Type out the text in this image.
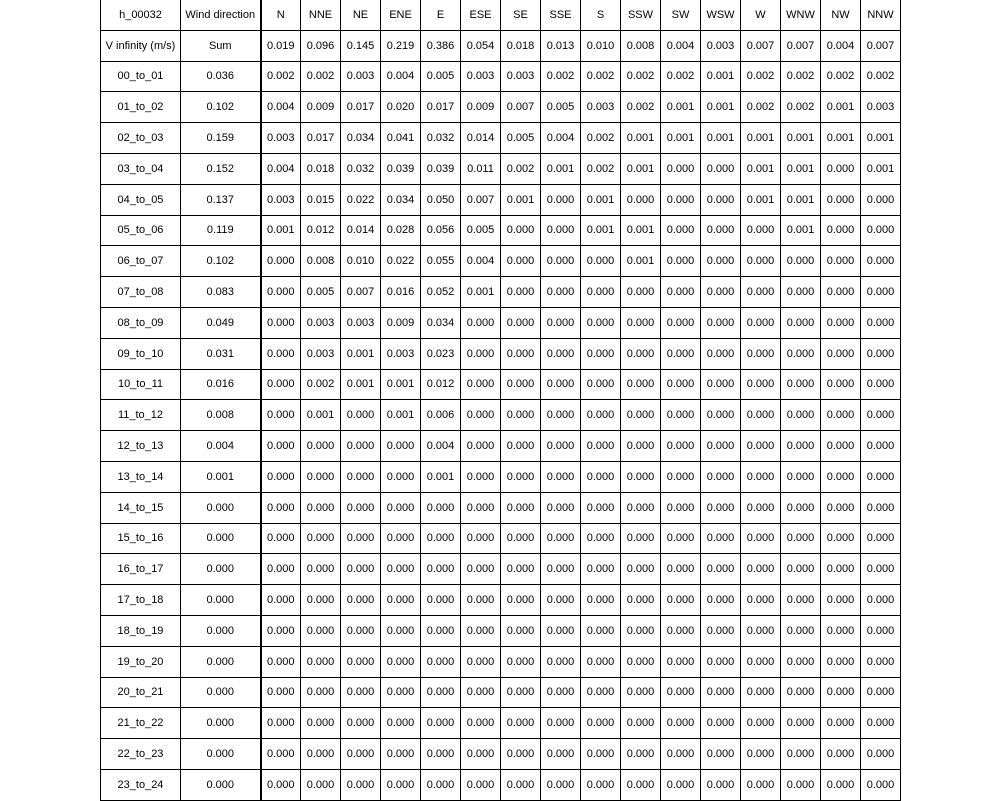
h_00032	Wind direction	N	NNE	NE	ENE	E	ESE	SE	SSE	S	SSW	SW	WSW	W	WNW	NW	NNW
V infinity (m/s)	Sum	0.019	0.096	0.145	0.219	0.386	0.054	0.018	0.013	0.010	0.008	0.004	0.003	0.007	0.007	0.004	0.007
00_to_01	0.036	0.002	0.002	0.003	0.004	0.005	0.003	0.003	0.002	0.002	0.002	0.002	0.001	0.002	0.002	0.002	0.002
01_to_02	0.102	0.004	0.009	0.017	0.020	0.017	0.009	0.007	0.005	0.003	0.002	0.001	0.001	0.002	0.002	0.001	0.003
02_to_03	0.159	0.003	0.017	0.034	0.041	0.032	0.014	0.005	0.004	0.002	0.001	0.001	0.001	0.001	0.001	0.001	0.001
03_to_04	0.152	0.004	0.018	0.032	0.039	0.039	0.011	0.002	0.001	0.002	0.001	0.000	0.000	0.001	0.001	0.000	0.001
04_to_05	0.137	0.003	0.015	0.022	0.034	0.050	0.007	0.001	0.000	0.001	0.000	0.000	0.000	0.001	0.001	0.000	0.000
05_to_06	0.119	0.001	0.012	0.014	0.028	0.056	0.005	0.000	0.000	0.001	0.001	0.000	0.000	0.000	0.001	0.000	0.000
06_to_07	0.102	0.000	0.008	0.010	0.022	0.055	0.004	0.000	0.000	0.000	0.001	0.000	0.000	0.000	0.000	0.000	0.000
07_to_08	0.083	0.000	0.005	0.007	0.016	0.052	0.001	0.000	0.000	0.000	0.000	0.000	0.000	0.000	0.000	0.000	0.000
08_to_09	0.049	0.000	0.003	0.003	0.009	0.034	0.000	0.000	0.000	0.000	0.000	0.000	0.000	0.000	0.000	0.000	0.000
09_to_10	0.031	0.000	0.003	0.001	0.003	0.023	0.000	0.000	0.000	0.000	0.000	0.000	0.000	0.000	0.000	0.000	0.000
10_to_11	0.016	0.000	0.002	0.001	0.001	0.012	0.000	0.000	0.000	0.000	0.000	0.000	0.000	0.000	0.000	0.000	0.000
11_to_12	0.008	0.000	0.001	0.000	0.001	0.006	0.000	0.000	0.000	0.000	0.000	0.000	0.000	0.000	0.000	0.000	0.000
12_to_13	0.004	0.000	0.000	0.000	0.000	0.004	0.000	0.000	0.000	0.000	0.000	0.000	0.000	0.000	0.000	0.000	0.000
13_to_14	0.001	0.000	0.000	0.000	0.000	0.001	0.000	0.000	0.000	0.000	0.000	0.000	0.000	0.000	0.000	0.000	0.000
14_to_15	0.000	0.000	0.000	0.000	0.000	0.000	0.000	0.000	0.000	0.000	0.000	0.000	0.000	0.000	0.000	0.000	0.000
15_to_16	0.000	0.000	0.000	0.000	0.000	0.000	0.000	0.000	0.000	0.000	0.000	0.000	0.000	0.000	0.000	0.000	0.000
16_to_17	0.000	0.000	0.000	0.000	0.000	0.000	0.000	0.000	0.000	0.000	0.000	0.000	0.000	0.000	0.000	0.000	0.000
17_to_18	0.000	0.000	0.000	0.000	0.000	0.000	0.000	0.000	0.000	0.000	0.000	0.000	0.000	0.000	0.000	0.000	0.000
18_to_19	0.000	0.000	0.000	0.000	0.000	0.000	0.000	0.000	0.000	0.000	0.000	0.000	0.000	0.000	0.000	0.000	0.000
19_to_20	0.000	0.000	0.000	0.000	0.000	0.000	0.000	0.000	0.000	0.000	0.000	0.000	0.000	0.000	0.000	0.000	0.000
20_to_21	0.000	0.000	0.000	0.000	0.000	0.000	0.000	0.000	0.000	0.000	0.000	0.000	0.000	0.000	0.000	0.000	0.000
21_to_22	0.000	0.000	0.000	0.000	0.000	0.000	0.000	0.000	0.000	0.000	0.000	0.000	0.000	0.000	0.000	0.000	0.000
22_to_23	0.000	0.000	0.000	0.000	0.000	0.000	0.000	0.000	0.000	0.000	0.000	0.000	0.000	0.000	0.000	0.000	0.000
23_to_24	0.000	0.000	0.000	0.000	0.000	0.000	0.000	0.000	0.000	0.000	0.000	0.000	0.000	0.000	0.000	0.000	0.000
